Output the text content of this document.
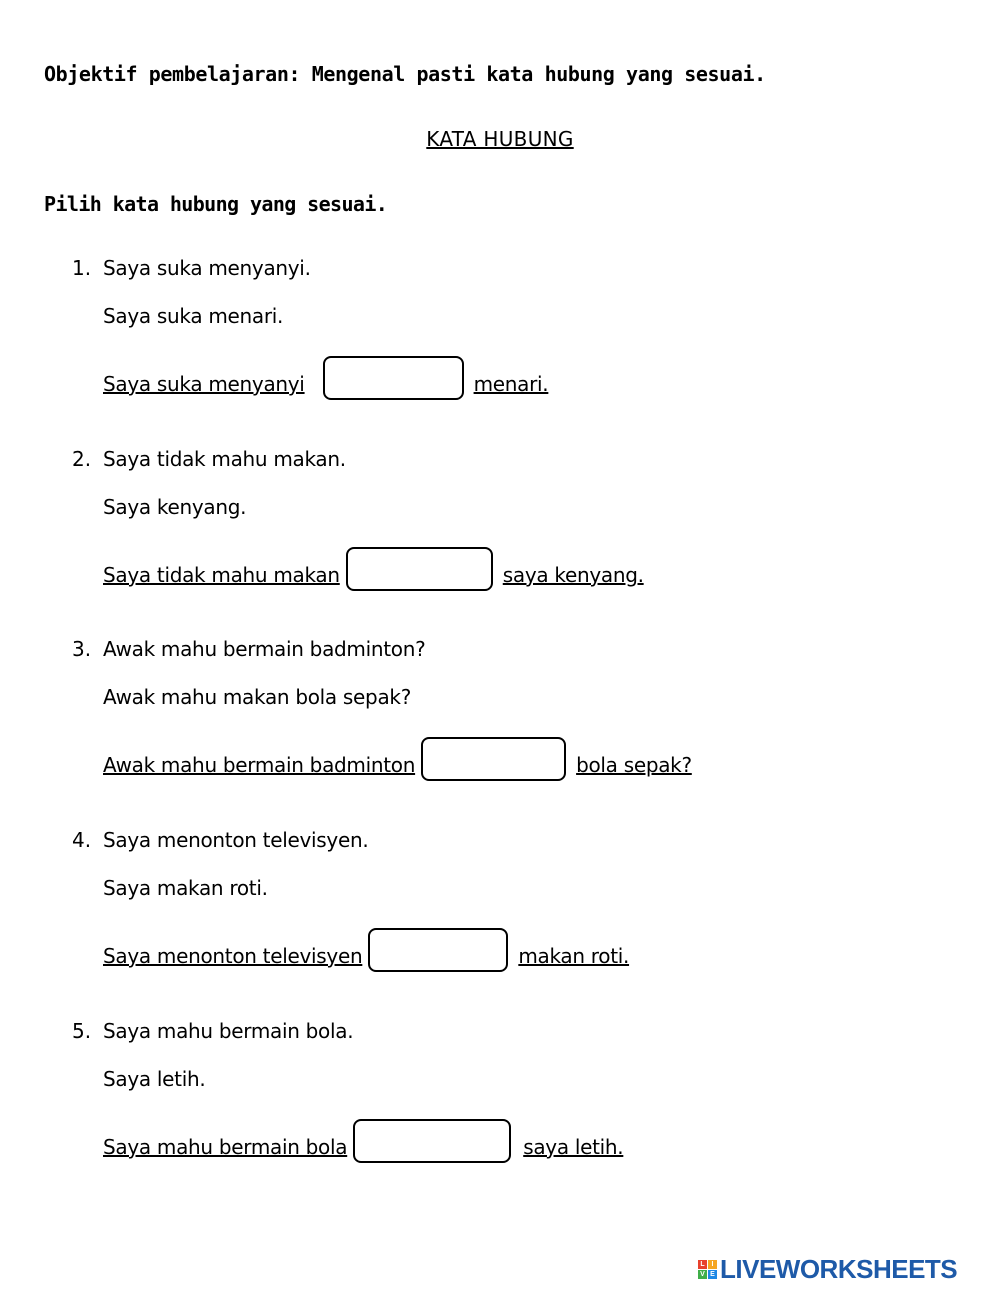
Objektif pembelajaran: Mengenal pasti kata hubung yang sesuai.
KATA HUBUNG
Pilih kata hubung yang sesuai.
1. Saya suka menyanyi.
Saya suka menari.
Saya suka menyanyi	menari.
2. Saya tidak mahu makan.
Saya kenyang.
Saya tidak mahu makan	saya kenyang.
3. Awak mahu bermain badminton?
Awak mahu makan bola sepak?
Awak mahu bermain badminton	bola sepak?
4. Saya menonton televisyen.
Saya makan roti.
Saya menonton televisyen	makan roti.
5. Saya mahu bermain bola.
Saya letih.
Saya mahu bermain bola	saya letih.
L I
V E LIVEWORKSHEETS
